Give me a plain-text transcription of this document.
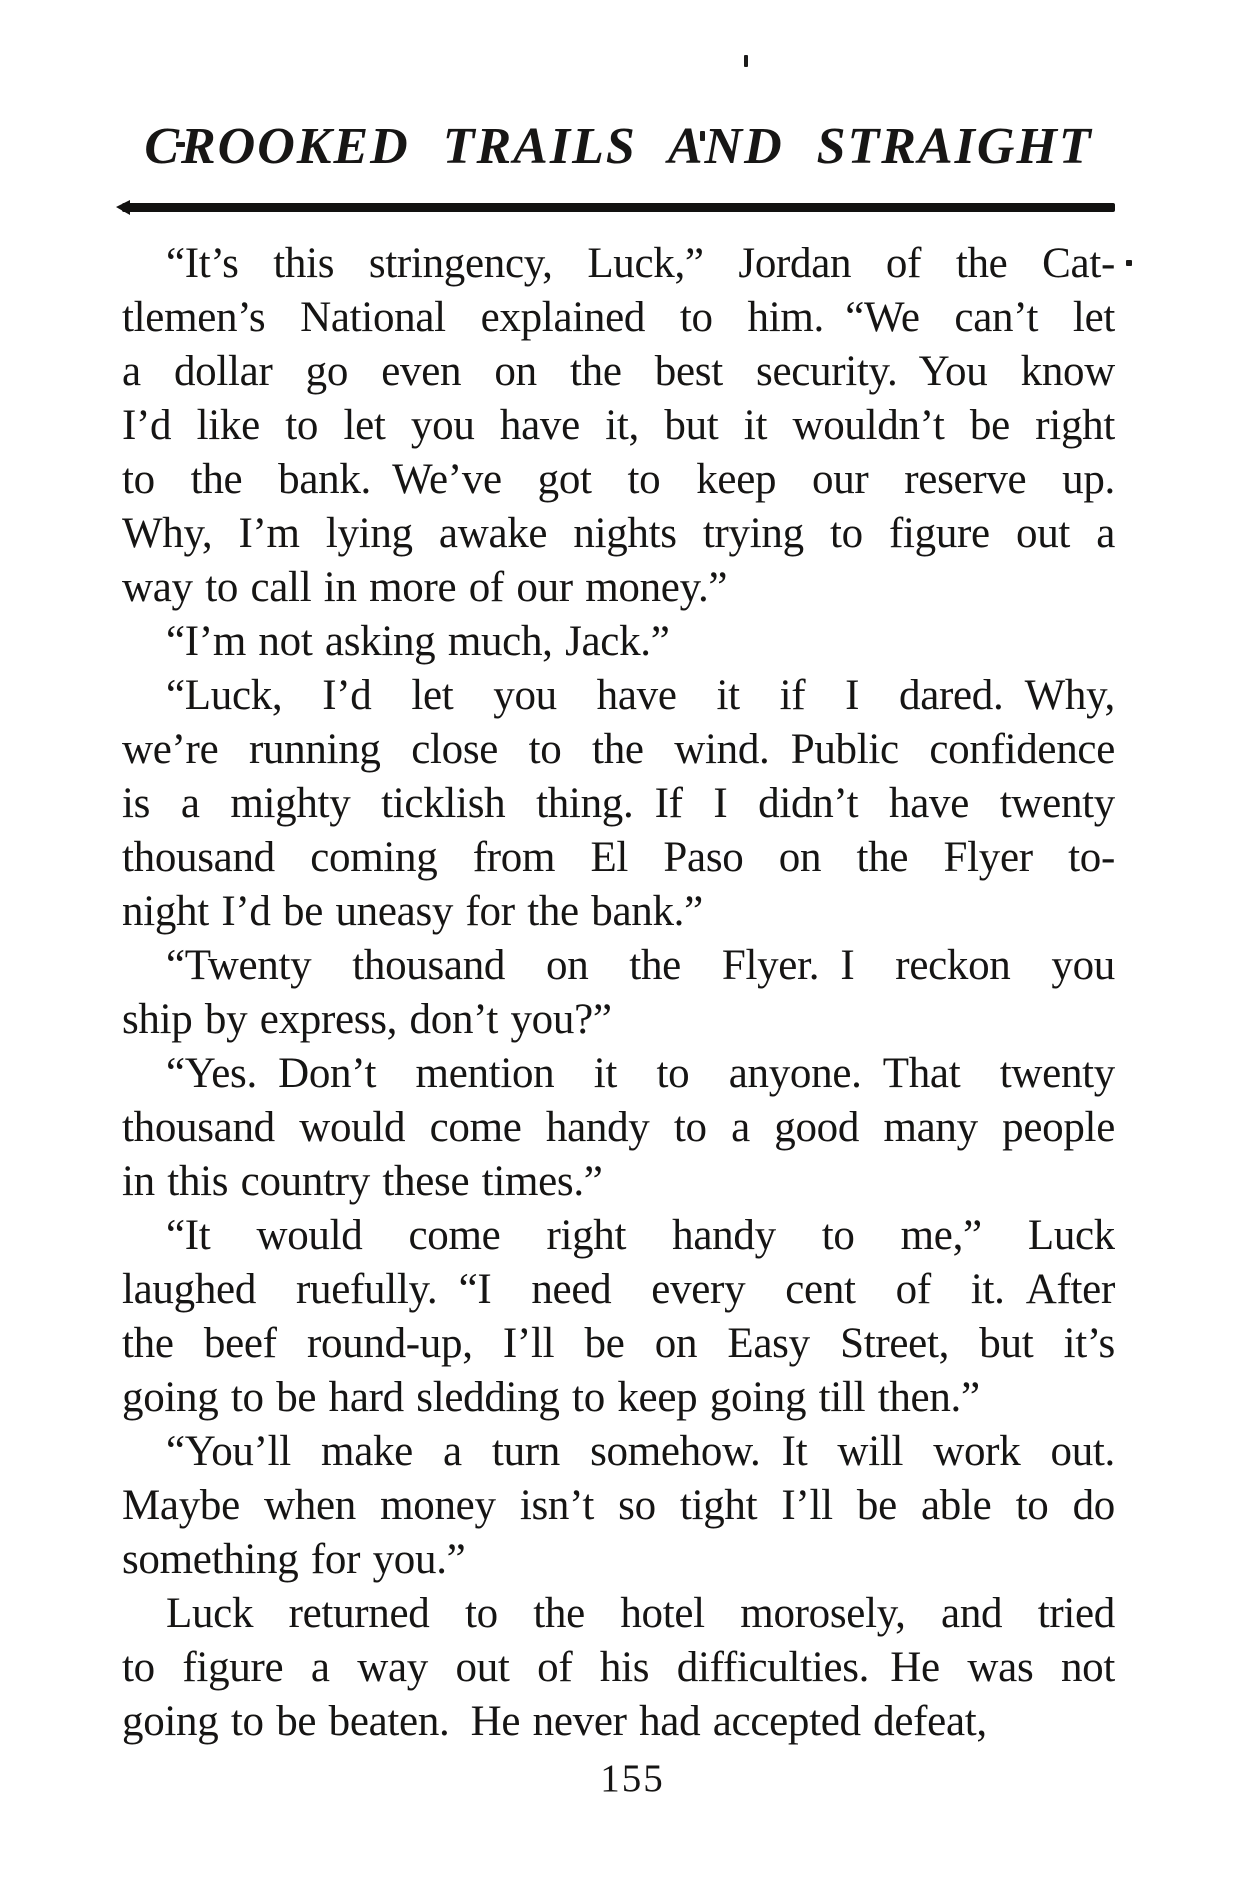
CROOKED TRAILS AND STRAIGHT
“It’s this stringency, Luck,” Jordan of the Cat-
tlemen’s National explained to him. “We can’t let
a dollar go even on the best security. You know
I’d like to let you have it, but it wouldn’t be right
to the bank. We’ve got to keep our reserve up.
Why, I’m lying awake nights trying to figure out a
way to call in more of our money.”
“I’m not asking much, Jack.”
“Luck, I’d let you have it if I dared. Why,
we’re running close to the wind. Public confidence
is a mighty ticklish thing. If I didn’t have twenty
thousand coming from El Paso on the Flyer to-
night I’d be uneasy for the bank.”
“Twenty thousand on the Flyer. I reckon you
ship by express, don’t you?”
“Yes. Don’t mention it to anyone. That twenty
thousand would come handy to a good many people
in this country these times.”
“It would come right handy to me,” Luck
laughed ruefully. “I need every cent of it. After
the beef round-up, I’ll be on Easy Street, but it’s
going to be hard sledding to keep going till then.”
“You’ll make a turn somehow. It will work out.
Maybe when money isn’t so tight I’ll be able to do
something for you.”
Luck returned to the hotel morosely, and tried
to figure a way out of his difficulties. He was not
going to be beaten. He never had accepted defeat,
155
